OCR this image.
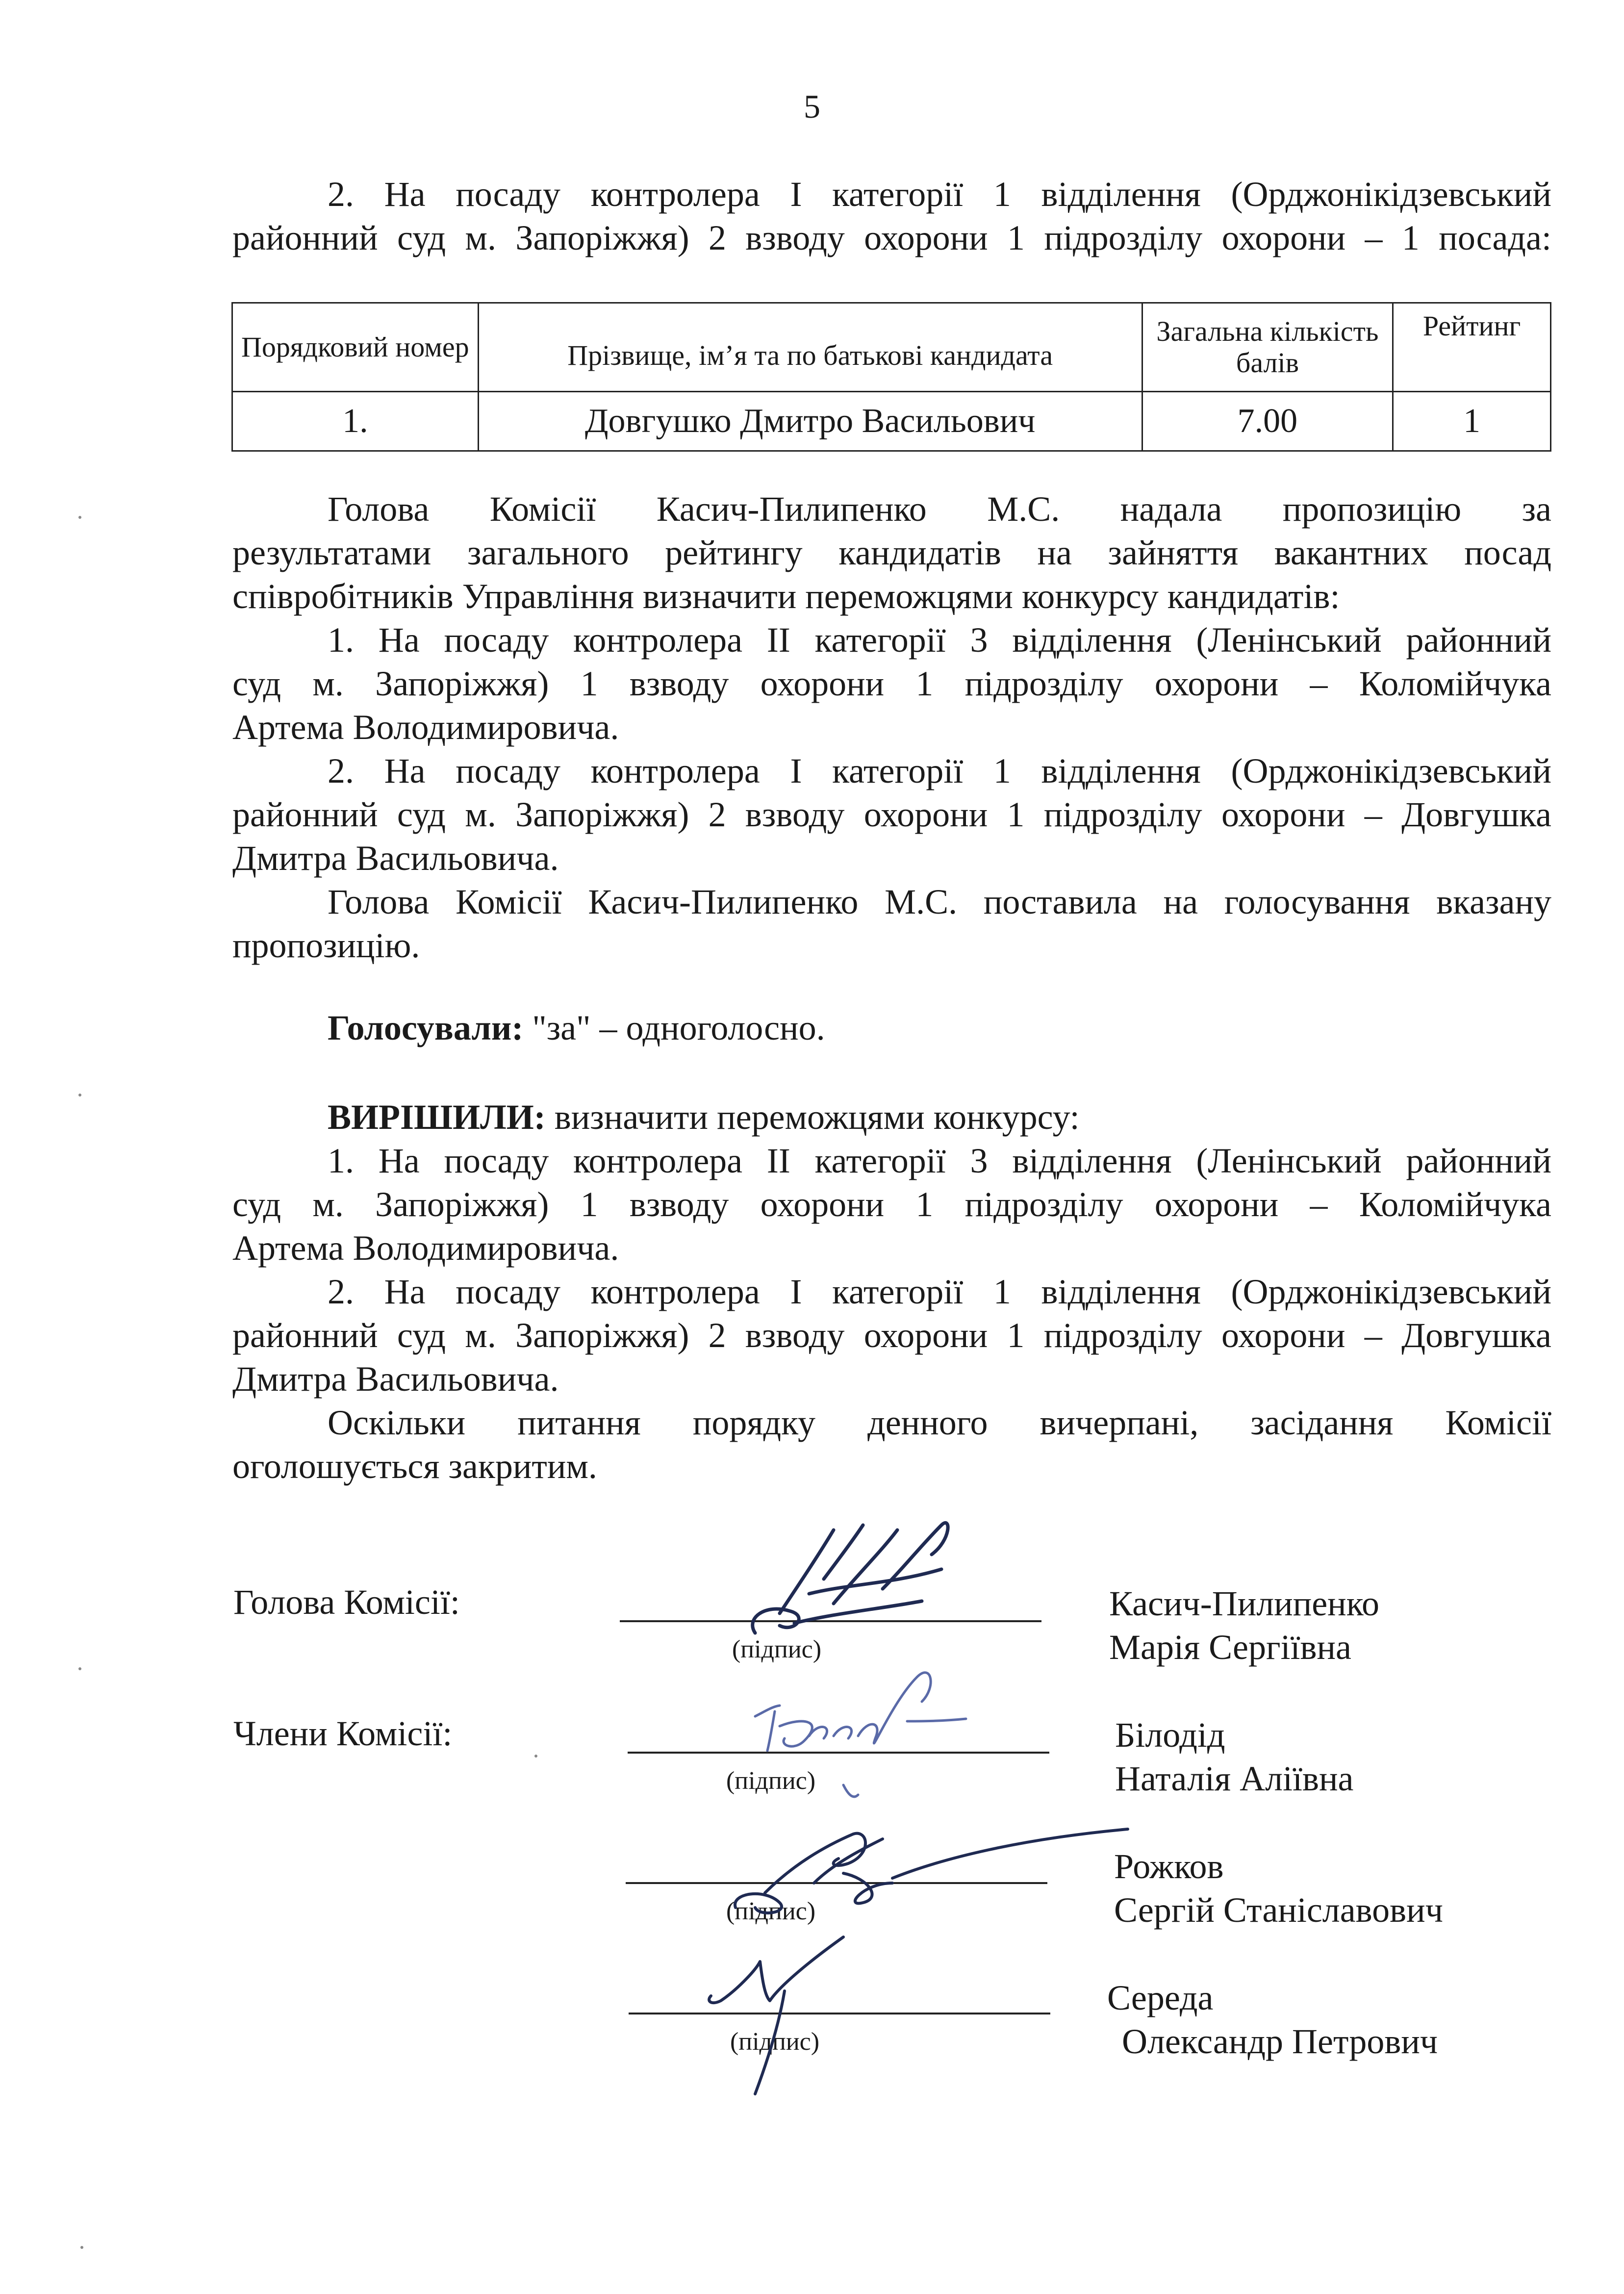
5
2. На посаду контролера I категорії 1 відділення (Орджонікідзевський
районний суд м. Запоріжжя) 2 взводу охорони 1 підрозділу охорони – 1 посада:
Порядковий номер	Прізвище, ім’я та по батькові кандидата	Загальна кількість балів	Рейтинг
1.	Довгушко Дмитро Васильович	7.00	1
Голова Комісії Касич-Пилипенко М.С. надала пропозицію за
результатами загального рейтингу кандидатів на зайняття вакантних посад
співробітників Управління визначити переможцями конкурсу кандидатів:
1. На посаду контролера II категорії 3 відділення (Ленінський районний
суд м. Запоріжжя) 1 взводу охорони 1 підрозділу охорони – Коломійчука
Артема Володимировича.
2. На посаду контролера I категорії 1 відділення (Орджонікідзевський
районний суд м. Запоріжжя) 2 взводу охорони 1 підрозділу охорони – Довгушка
Дмитра Васильовича.
Голова Комісії Касич-Пилипенко М.С. поставила на голосування вказану
пропозицію.
Голосували: "за" – одноголосно.
ВИРІШИЛИ: визначити переможцями конкурсу:
1. На посаду контролера II категорії 3 відділення (Ленінський районний
суд м. Запоріжжя) 1 взводу охорони 1 підрозділу охорони – Коломійчука
Артема Володимировича.
2. На посаду контролера I категорії 1 відділення (Орджонікідзевський
районний суд м. Запоріжжя) 2 взводу охорони 1 підрозділу охорони – Довгушка
Дмитра Васильовича.
Оскільки питання порядку денного вичерпані, засідання Комісії
оголошується закритим.
Голова Комісії:
Члени Комісії:
(підпис)
Касич-Пилипенко
Марія Сергіївна
(підпис)
Білодід
Наталія Аліївна
(підпис)
Рожков
Сергій Станіславович
(підпис)
Середа
Олександр Петрович
